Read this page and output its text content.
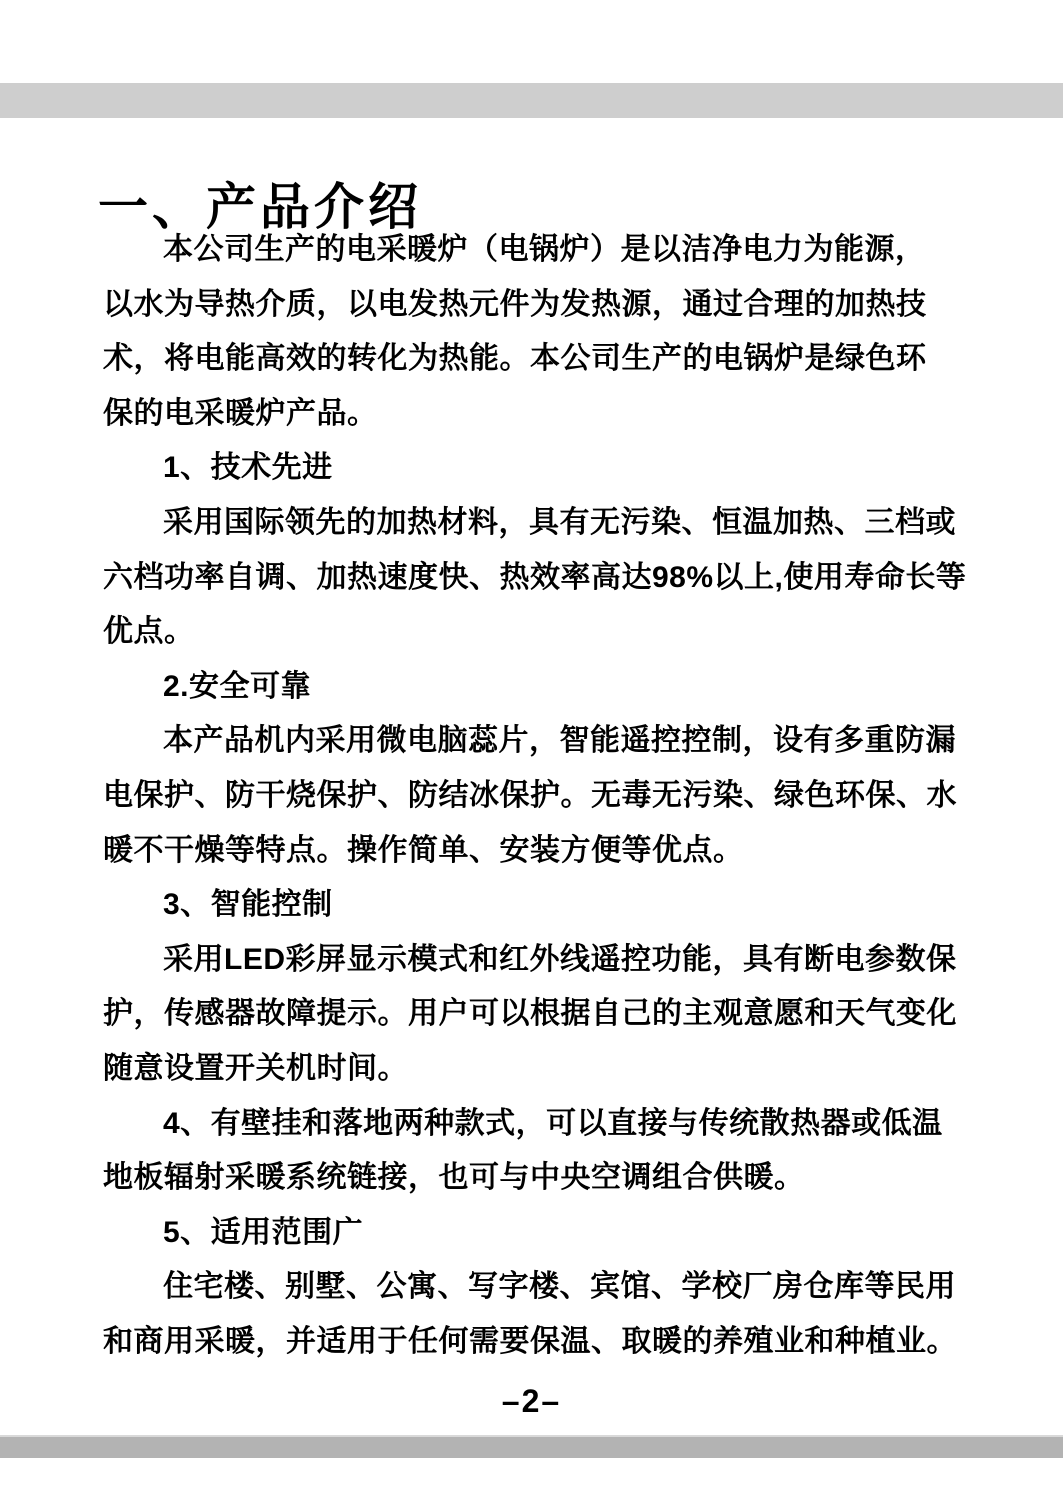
一、产品介绍
本公司生产的电采暖炉（电锅炉）是以洁净电力为能源，
以水为导热介质，以电发热元件为发热源，通过合理的加热技
术，将电能高效的转化为热能。本公司生产的电锅炉是绿色环
保的电采暖炉产品。
1、技术先进
采用国际领先的加热材料，具有无污染、恒温加热、三档或
六档功率自调、加热速度快、热效率高达98%以上,使用寿命长等
优点。
2.安全可靠
本产品机内采用微电脑蕊片，智能遥控控制，设有多重防漏
电保护、防干烧保护、防结冰保护。无毒无污染、绿色环保、水
暖不干燥等特点。操作简单、安装方便等优点。
3、智能控制
采用LED彩屏显示模式和红外线遥控功能，具有断电参数保
护，传感器故障提示。用户可以根据自己的主观意愿和天气变化
随意设置开关机时间。
4、有壁挂和落地两种款式，可以直接与传统散热器或低温
地板辐射采暖系统链接，也可与中央空调组合供暖。
5、适用范围广
住宅楼、别墅、公寓、写字楼、宾馆、学校厂房仓库等民用
和商用采暖，并适用于任何需要保温、取暖的养殖业和种植业。
–2–
